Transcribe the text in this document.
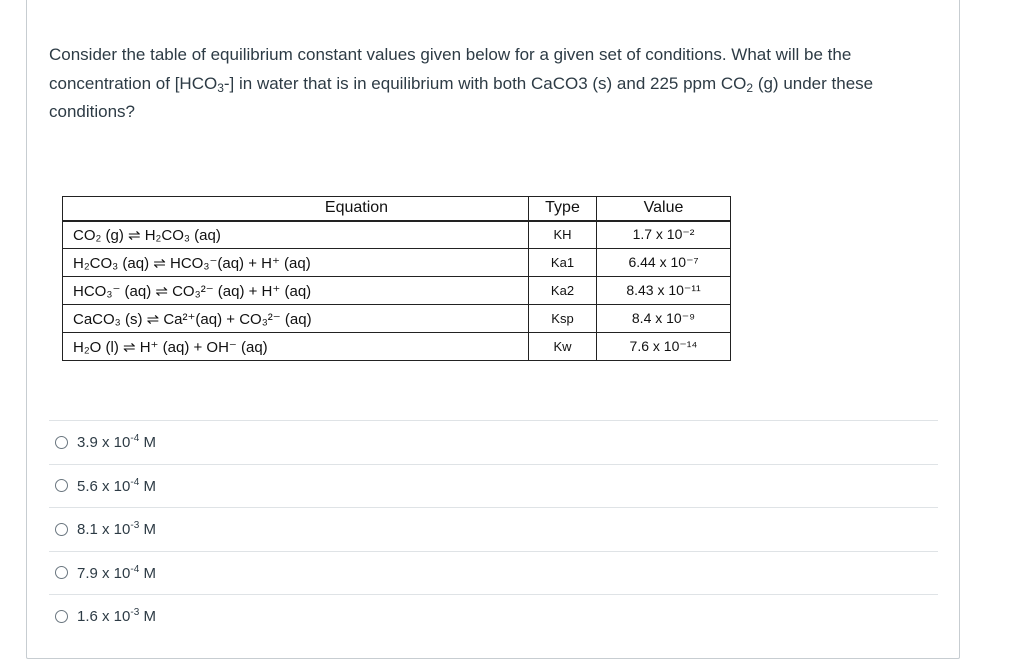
Consider the table of equilibrium constant values given below for a given set of conditions. What will be the concentration of $[HCO_3-]$ in water that is in equilibrium with both CaCO3 (s) and 225 ppm $CO_2$ (g) under these conditions?

Equation	Type	Value
CO₂ (g) ⇌ H₂CO₃ (aq)	KH	1.7 x 10⁻²
H₂CO₃ (aq) ⇌ HCO₃⁻(aq) + H⁺ (aq)	Ka1	6.44 x 10⁻⁷
HCO₃⁻ (aq) ⇌ CO₃²⁻ (aq) + H⁺ (aq)	Ka2	8.43 x 10⁻¹¹
CaCO₃ (s) ⇌ Ca²⁺(aq) + CO₃²⁻ (aq)	Ksp	8.4 x 10⁻⁹
H₂O (l) ⇌ H⁺ (aq) + OH⁻ (aq)	Kw	7.6 x 10⁻¹⁴
3.9 x $10^{-4}$ M
5.6 x $10^{-4}$ M
8.1 x $10^{-3}$ M
7.9 x $10^{-4}$ M
1.6 x $10^{-3}$ M
